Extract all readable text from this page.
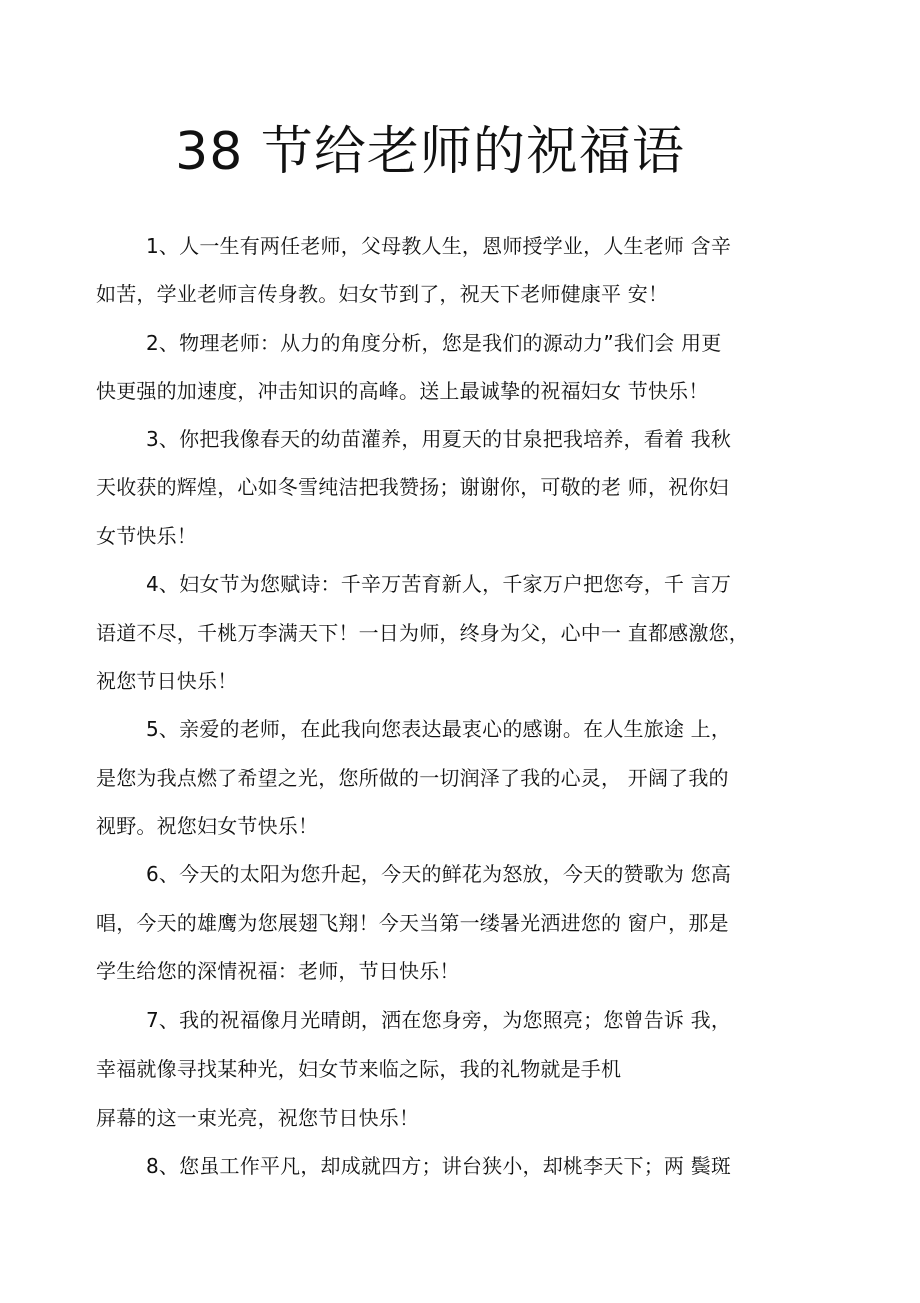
38 节给老师的祝福语
1、人一生有两任老师，父母教人生，恩师授学业，人生老师 含辛
如苦，学业老师言传身教。妇女节到了，祝天下老师健康平 安！
2、物理老师：从力的角度分析，您是我们的源动力”我们会 用更
快更强的加速度，冲击知识的高峰。送上最诚挚的祝福妇女 节快乐！
3、你把我像春天的幼苗灌养，用夏天的甘泉把我培养，看着 我秋
天收获的辉煌，心如冬雪纯洁把我赞扬；谢谢你，可敬的老 师，祝你妇
女节快乐！
4、妇女节为您赋诗：千辛万苦育新人，千家万户把您夸，千 言万
语道不尽，千桃万李满天下！一日为师，终身为父，心中一 直都感激您，
祝您节日快乐！
5、亲爱的老师，在此我向您表达最衷心的感谢。在人生旅途 上，
是您为我点燃了希望之光，您所做的一切润泽了我的心灵， 开阔了我的
视野。祝您妇女节快乐！
6、今天的太阳为您升起，今天的鲜花为怒放，今天的赞歌为 您高
唱，今天的雄鹰为您展翅飞翔！今天当第一缕暑光洒进您的 窗户，那是
学生给您的深情祝福：老师，节日快乐！
7、我的祝福像月光晴朗，洒在您身旁，为您照亮；您曾告诉 我，
幸福就像寻找某种光，妇女节来临之际，我的礼物就是手机
屏幕的这一束光亮，祝您节日快乐！
8、您虽工作平凡，却成就四方；讲台狭小，却桃李天下；两 鬓斑
